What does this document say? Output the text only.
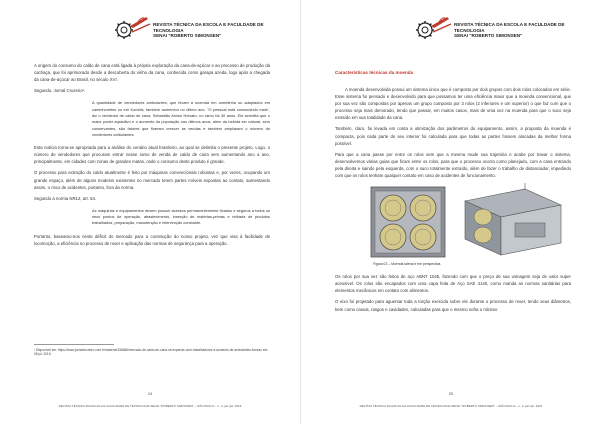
REVISTA TÉCNICA DA ESCOLA E FACULDADE DE TECNOLOGIA
SENAI "ROBERTO SIMONSEN"

A origem do consumo do caldo de cana está ligada à própria exploração da cana-de-açúcar e ao processo de produção da cachaça, que foi aprimorado desde a descoberta do vinho da cana, conhecida como garapa azeda, logo após a chegada da cana-de-açúcar ao Brasil, no século XVI.

Segundo, Jornal Cruzeiro¹.
A quantidade de vendedores ambulantes, que levam a moenda em carretinha ou adaptados em caminhonetes ou em Kombis, também aumentou no último ano. "O pessoal está consumindo mais", diz o vendedor de caldo de cana, Sebastião Anísio Holvato, no ramo há 30 anos. Ele acredita que o maior poder aquisitivo e o aumento da população nos últimos anos, além da bebida ser natural, sem conservantes, são fatores que fizeram crescer as vendas e também ampliaram o número de vendedores ambulantes.

Esta notícia torna-se apropriada para a análise do cenário atual brasileiro, ao qual se delimita o presente projeto. Logo, o número de vendedores que procuram entrar nesse ramo de venda de caldo de cana vem aumentando ano a ano, principalmente, em cidades com zonas de grandes matas, onde o consumo deste produto é grande.

O processo para extração do caldo atualmente é feito por máquinas convencionais robustas e, por vezes, ocupando um grande espaço, além de alguns modelos existentes no mercado terem partes móveis expostas ao contato, aumentando assim, o risco de acidentes, portanto, fora da norma.

Segundo a norma NR12, art. 64.
As máquinas e equipamentos devem possuir acessos permanentemente fixados e seguros a todos os seus pontos de operação, abastecimento, inserção de matérias-primas e retirada de produtos trabalhados, preparação, manutenção e intervenção constante.

Portanto, baseamo-nos neste déficit do mercado para a construção do nosso projeto, vez que visa à facilidade de locomoção, a eficiência no processo de moer e aplicação das normas de segurança para a operação.

¹ Disponível em: https://www.jornalcruzeiro.com.br/materia/336686/mercado-de-caldo-de-cana-se-expande-com-trabalhadores-e-aumento-de-ambulantes Acesso em: 08 jul. 2016.
24
REVISTA TÉCNICA DA ESCOLA E FACULDADE DE TECNOLOGIA SENAI "ROBERTO SIMONSEN" – SÃO PAULO – n. 2, jan./jul. 2016
REVISTA TÉCNICA DA ESCOLA E FACULDADE DE TECNOLOGIA
SENAI "ROBERTO SIMONSEN"
Características técnicas da moenda

A moenda desenvolvida possui um sistema único que é composto por dois grupos com dois rolos colocados em série. Esse sistema foi pensado e desenvolvido para que possamos ter uma eficiência maior que a moenda convencional, que por sua vez são compostas por apenas um grupo composto por 3 rolos (2 inferiores e um superior) o que faz com que o processo seja mais demorado, tendo que passar, em muitos casos, mais de uma vez na moenda para que o suco seja extraído em sua totalidade da cana.

Também, claro, foi levada em conta a otimização dos parâmetros do equipamento, assim, a proposta da moenda é compacta, pois cada parte do seu interior foi calculada para que todas as partes fossem alocadas da melhor forma possível.

Para que a cana passe por entre os rolos sem que a mesma mude sua trajetória e acabe por travar o sistema, desenvolvemos várias guias que ficam entre os rolos, para que o processo ocorra como planejado, com a cana entrando pela direita e saindo pela esquerda, com o suco totalmente extraído, além de fazer o trabalho de distanciador, impedindo com que os rolos tenham qualquer contato em caso de acidentes de funcionamento.

Figura 02 – Moenda lateral e em perspectiva.

Os rolos por sua vez são feitos de aço ABNT 1045, fazendo com que o preço de sua usinagem seja de valor super acessível. Os rolos são encapados com uma capa feita de Aço SAE 4140, como manda as normas sanitárias para elementos mecânicos em contato com alimentos.

O eixo foi projetado para aguentar toda a torção exercida sobre ele durante o processo de moer, tendo seus diâmetros, bem como canais, rasgos e cavidades, calculadas para que o mesmo sofra o mínimo

25
REVISTA TÉCNICA DA ESCOLA E FACULDADE DE TECNOLOGIA SENAI "ROBERTO SIMONSEN" – SÃO PAULO – n. 2, jan./jul. 2016
